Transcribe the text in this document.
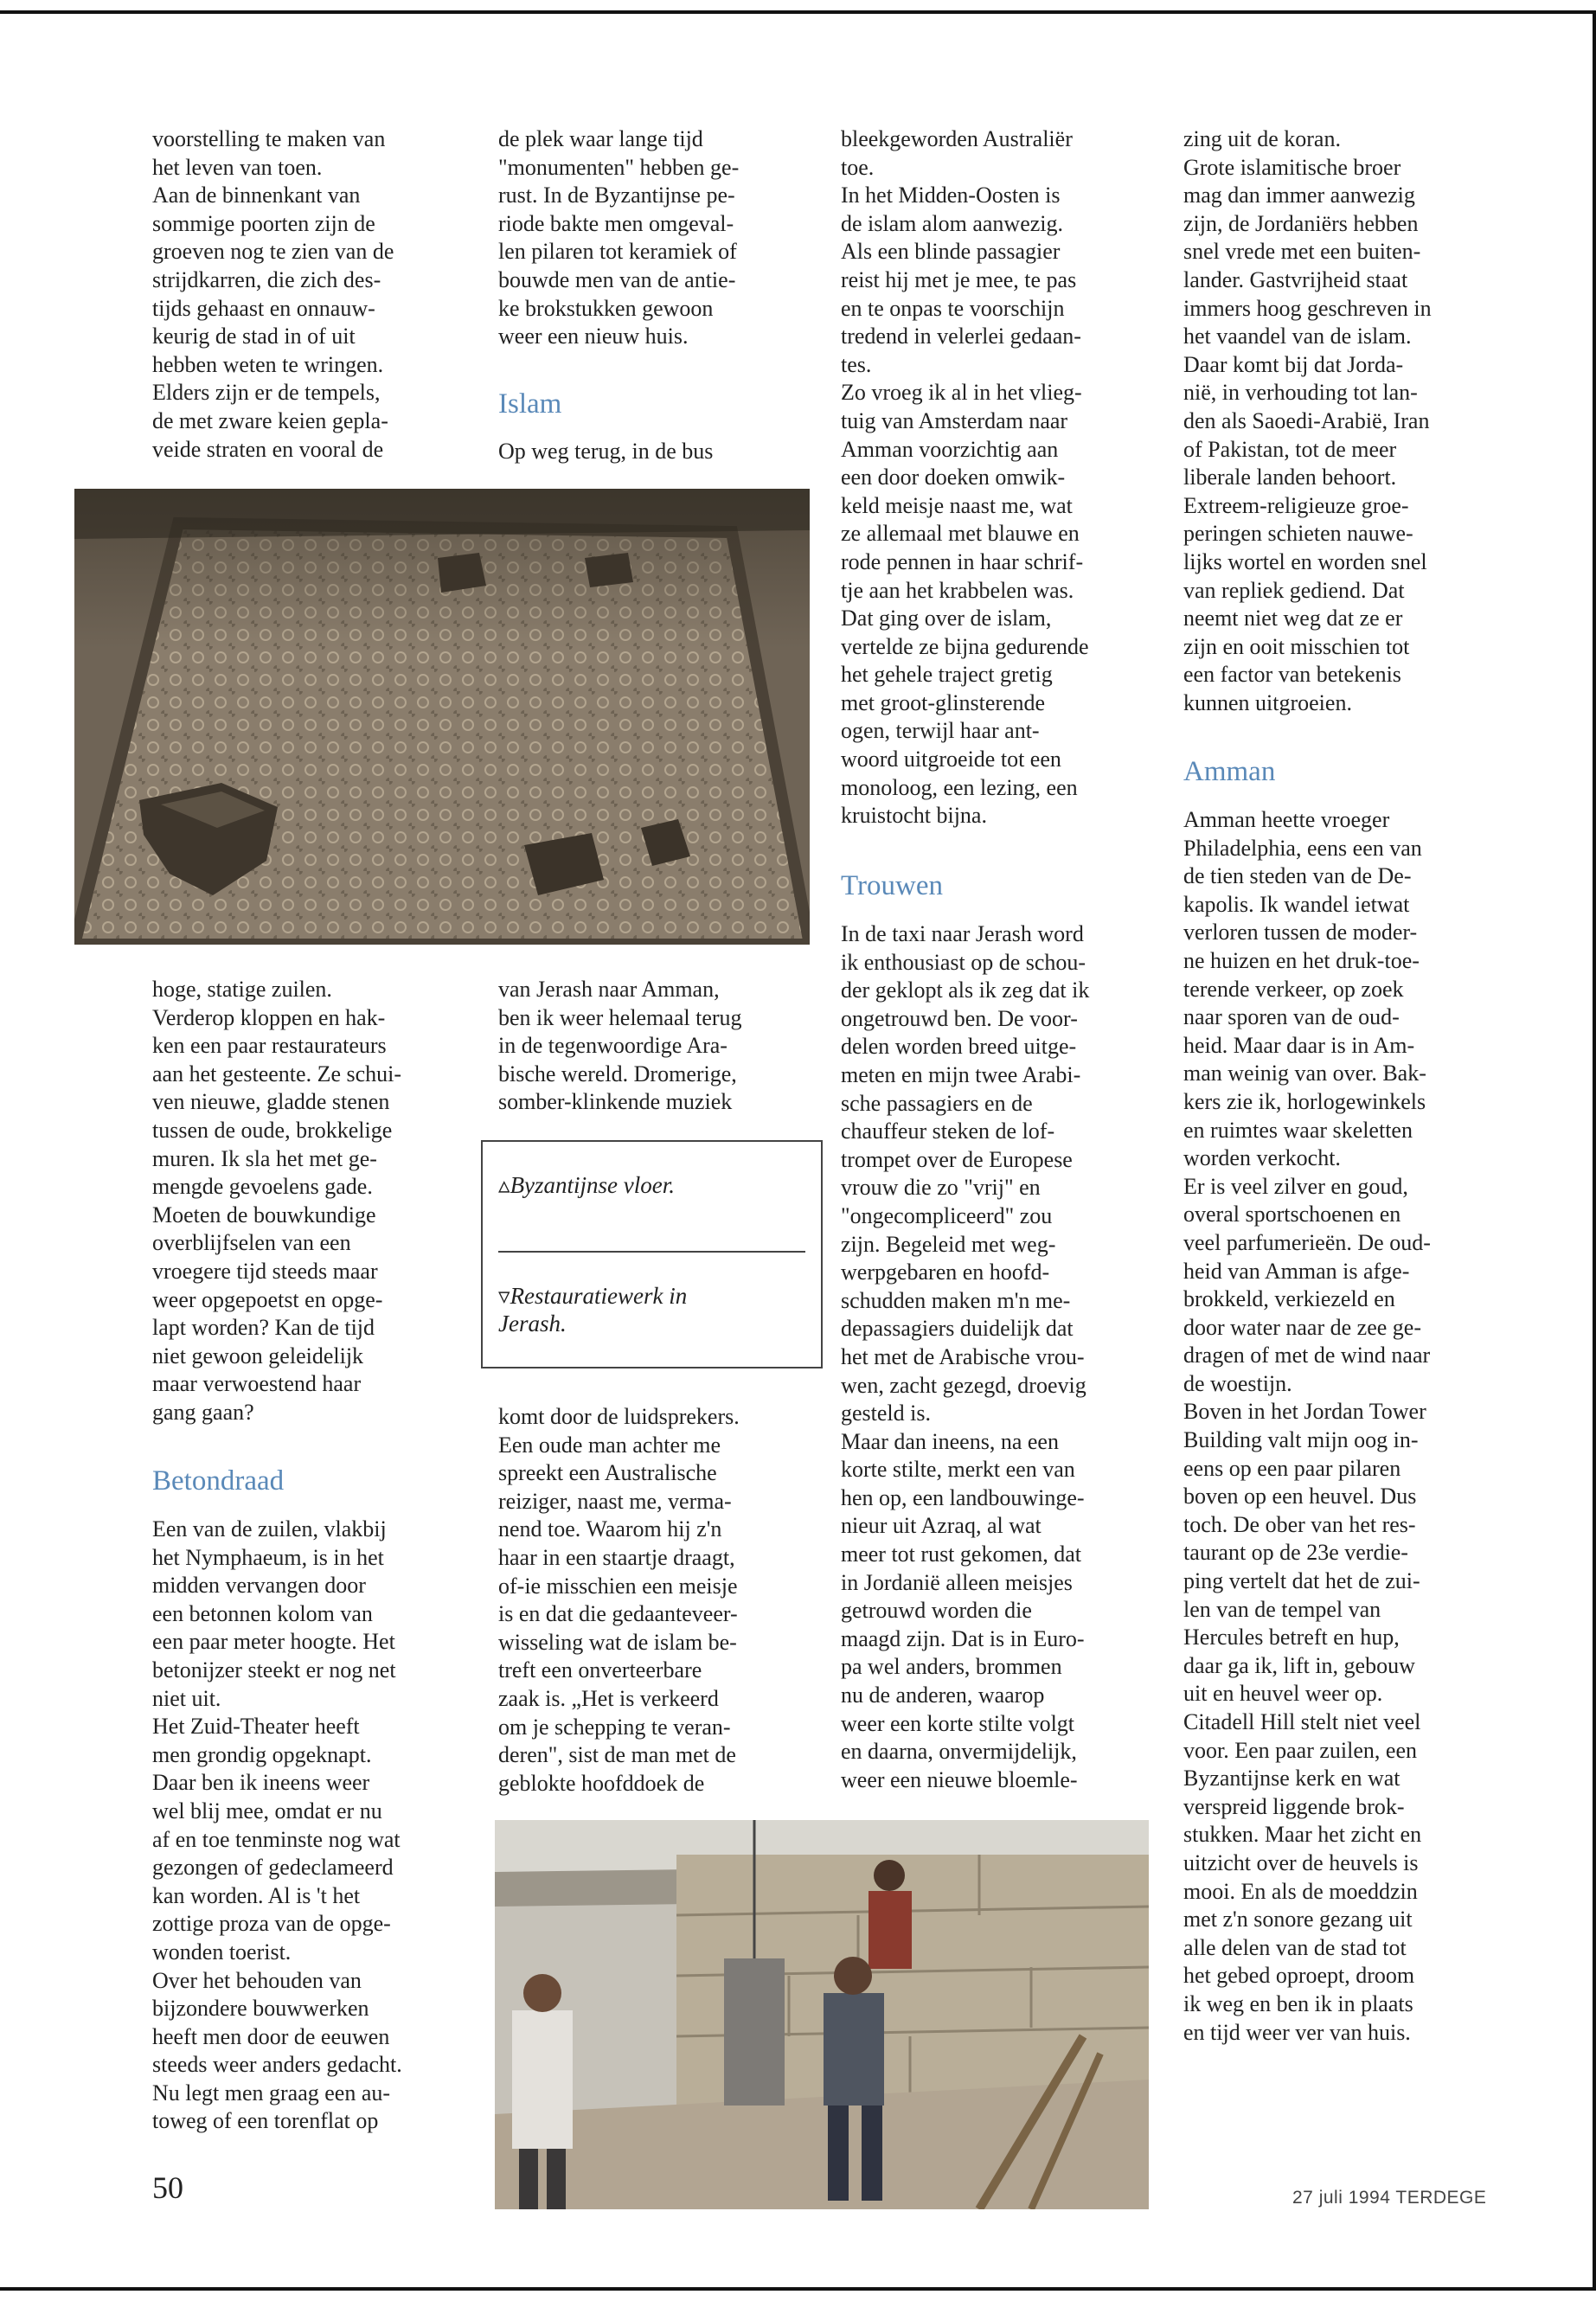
voorstelling te maken van
het leven van toen.
Aan de binnenkant van
sommige poorten zijn de
groeven nog te zien van de
strijdkarren, die zich des-
tijds gehaast en onnauw-
keurig de stad in of uit
hebben weten te wringen.
Elders zijn er de tempels,
de met zware keien gepla-
veide straten en vooral de
hoge, statige zuilen.
Verderop kloppen en hak-
ken een paar restaurateurs
aan het gesteente. Ze schui-
ven nieuwe, gladde stenen
tussen de oude, brokkelige
muren. Ik sla het met ge-
mengde gevoelens gade.
Moeten de bouwkundige
overblijfselen van een
vroegere tijd steeds maar
weer opgepoetst en opge-
lapt worden? Kan de tijd
niet gewoon geleidelijk
maar verwoestend haar
gang gaan?
Betondraad
Een van de zuilen, vlakbij
het Nymphaeum, is in het
midden vervangen door
een betonnen kolom van
een paar meter hoogte. Het
betonijzer steekt er nog net
niet uit.
Het Zuid-Theater heeft
men grondig opgeknapt.
Daar ben ik ineens weer
wel blij mee, omdat er nu
af en toe tenminste nog wat
gezongen of gedeclameerd
kan worden. Al is 't het
zottige proza van de opge-
wonden toerist.
Over het behouden van
bijzondere bouwwerken
heeft men door de eeuwen
steeds weer anders gedacht.
Nu legt men graag een au-
toweg of een torenflat op
de plek waar lange tijd
"monumenten" hebben ge-
rust. In de Byzantijnse pe-
riode bakte men omgeval-
len pilaren tot keramiek of
bouwde men van de antie-
ke brokstukken gewoon
weer een nieuw huis.
Islam
Op weg terug, in de bus
van Jerash naar Amman,
ben ik weer helemaal terug
in de tegenwoordige Ara-
bische wereld. Dromerige,
somber-klinkende muziek
komt door de luidsprekers.
Een oude man achter me
spreekt een Australische
reiziger, naast me, verma-
nend toe. Waarom hij z'n
haar in een staartje draagt,
of-ie misschien een meisje
is en dat die gedaanteveer-
wisseling wat de islam be-
treft een onverteerbare
zaak is. „Het is verkeerd
om je schepping te veran-
deren", sist de man met de
geblokte hoofddoek de
▵Byzantijnse vloer.
▿Restauratiewerk in
Jerash.
bleekgeworden Australiër
toe.
In het Midden-Oosten is
de islam alom aanwezig.
Als een blinde passagier
reist hij met je mee, te pas
en te onpas te voorschijn
tredend in velerlei gedaan-
tes.
Zo vroeg ik al in het vlieg-
tuig van Amsterdam naar
Amman voorzichtig aan
een door doeken omwik-
keld meisje naast me, wat
ze allemaal met blauwe en
rode pennen in haar schrif-
tje aan het krabbelen was.
Dat ging over de islam,
vertelde ze bijna gedurende
het gehele traject gretig
met groot-glinsterende
ogen, terwijl haar ant-
woord uitgroeide tot een
monoloog, een lezing, een
kruistocht bijna.
Trouwen
In de taxi naar Jerash word
ik enthousiast op de schou-
der geklopt als ik zeg dat ik
ongetrouwd ben. De voor-
delen worden breed uitge-
meten en mijn twee Arabi-
sche passagiers en de
chauffeur steken de lof-
trompet over de Europese
vrouw die zo "vrij" en
"ongecompliceerd" zou
zijn. Begeleid met weg-
werpgebaren en hoofd-
schudden maken m'n me-
depassagiers duidelijk dat
het met de Arabische vrou-
wen, zacht gezegd, droevig
gesteld is.
Maar dan ineens, na een
korte stilte, merkt een van
hen op, een landbouwinge-
nieur uit Azraq, al wat
meer tot rust gekomen, dat
in Jordanië alleen meisjes
getrouwd worden die
maagd zijn. Dat is in Euro-
pa wel anders, brommen
nu de anderen, waarop
weer een korte stilte volgt
en daarna, onvermijdelijk,
weer een nieuwe bloemle-
zing uit de koran.
Grote islamitische broer
mag dan immer aanwezig
zijn, de Jordaniërs hebben
snel vrede met een buiten-
lander. Gastvrijheid staat
immers hoog geschreven in
het vaandel van de islam.
Daar komt bij dat Jorda-
nië, in verhouding tot lan-
den als Saoedi-Arabië, Iran
of Pakistan, tot de meer
liberale landen behoort.
Extreem-religieuze groe-
peringen schieten nauwe-
lijks wortel en worden snel
van repliek gediend. Dat
neemt niet weg dat ze er
zijn en ooit misschien tot
een factor van betekenis
kunnen uitgroeien.
Amman
Amman heette vroeger
Philadelphia, eens een van
de tien steden van de De-
kapolis. Ik wandel ietwat
verloren tussen de moder-
ne huizen en het druk-toe-
terende verkeer, op zoek
naar sporen van de oud-
heid. Maar daar is in Am-
man weinig van over. Bak-
kers zie ik, horlogewinkels
en ruimtes waar skeletten
worden verkocht.
Er is veel zilver en goud,
overal sportschoenen en
veel parfumerieën. De oud-
heid van Amman is afge-
brokkeld, verkiezeld en
door water naar de zee ge-
dragen of met de wind naar
de woestijn.
Boven in het Jordan Tower
Building valt mijn oog in-
eens op een paar pilaren
boven op een heuvel. Dus
toch. De ober van het res-
taurant op de 23e verdie-
ping vertelt dat het de zui-
len van de tempel van
Hercules betreft en hup,
daar ga ik, lift in, gebouw
uit en heuvel weer op.
Citadell Hill stelt niet veel
voor. Een paar zuilen, een
Byzantijnse kerk en wat
verspreid liggende brok-
stukken. Maar het zicht en
uitzicht over de heuvels is
mooi. En als de moeddzin
met z'n sonore gezang uit
alle delen van de stad tot
het gebed oproept, droom
ik weg en ben ik in plaats
en tijd weer ver van huis.
50	27 juli 1994 TERDEGE
